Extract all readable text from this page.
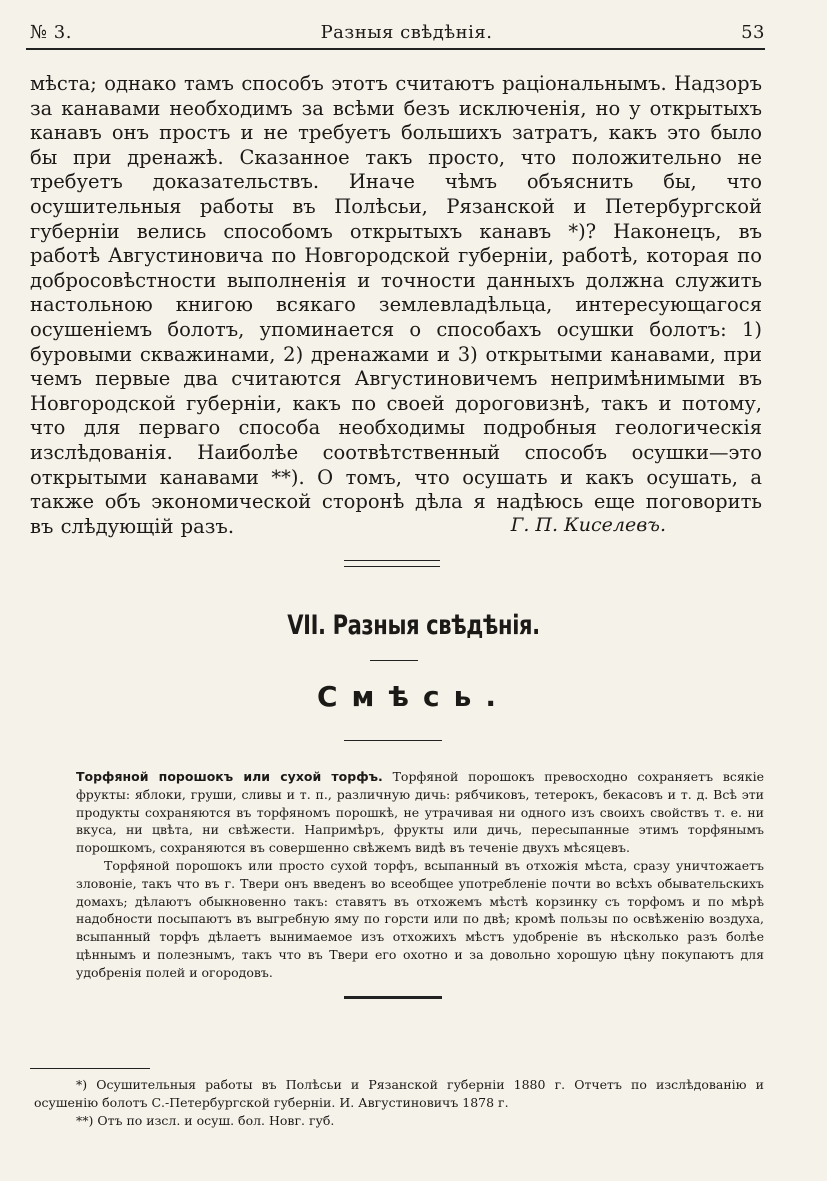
№ 3.	Разныя свѣдѣнія.	53

мѣста; однако тамъ способъ этотъ считаютъ раціональнымъ. Надзоръ за канавами необходимъ за всѣми безъ исключенія, но у открытыхъ канавъ онъ простъ и не требуетъ большихъ затратъ, какъ это было бы при дренажѣ. Сказанное такъ просто, что положительно не требуетъ доказательствъ. Иначе чѣмъ объяснить бы, что осушительныя работы въ Полѣсьи, Рязанской и Петербургской губерніи велись способомъ открытыхъ канавъ *)? Наконецъ, въ работѣ Августиновича по Новгородской губерніи, работѣ, которая по добросовѣстности выполненія и точности данныхъ должна служить настольною книгою всякаго землевладѣльца, интересующагося осушеніемъ болотъ, упоминается о способахъ осушки болотъ: 1) буровыми скважинами, 2) дренажами и 3) открытыми канавами, при чемъ первые два считаются Августиновичемъ непримѣнимыми въ Новгородской губерніи, какъ по своей дороговизнѣ, такъ и потому, что для перваго способа необходимы подробныя геологическія изслѣдованія. Наиболѣе соотвѣтственный способъ осушки—это открытыми канавами **). О томъ, что осушать и какъ осушать, а также объ экономической сторонѣ дѣла я надѣюсь еще поговорить въ слѣдующій разъ.	Г. П. Киселевъ.
VII. Разныя свѣдѣнія.
Смѣсь.

Торфяной порошокъ или сухой торфъ. Торфяной порошокъ превосходно сохраняетъ всякіе фрукты: яблоки, груши, сливы и т. п., различную дичь: рябчиковъ, тетерокъ, бекасовъ и т. д. Всѣ эти продукты сохраняются въ торфяномъ порошкѣ, не утрачивая ни одного изъ своихъ свойствъ т. е. ни вкуса, ни цвѣта, ни свѣжести. Напримѣръ, фрукты или дичь, пересыпанные этимъ торфянымъ порошкомъ, сохраняются въ совершенно свѣжемъ видѣ въ теченіе двухъ мѣсяцевъ.

Торфяной порошокъ или просто сухой торфъ, всыпанный въ отхожія мѣста, сразу уничтожаетъ зловоніе, такъ что въ г. Твери онъ введенъ во всеобщее употребленіе почти во всѣхъ обывательскихъ домахъ; дѣлаютъ обыкновенно такъ: ставятъ въ отхожемъ мѣстѣ корзинку съ торфомъ и по мѣрѣ надобности посыпаютъ въ выгребную яму по горсти или по двѣ; кромѣ пользы по освѣженію воздуха, всыпанный торфъ дѣлаетъ вынимаемое изъ отхожихъ мѣстъ удобреніе въ нѣсколько разъ болѣе цѣннымъ и полезнымъ, такъ что въ Твери его охотно и за довольно хорошую цѣну покупаютъ для удобренія полей и огородовъ.

*) Осушительныя работы въ Полѣсьи и Рязанской губерніи 1880 г. Отчетъ по изслѣдованію и осушенію болотъ С.-Петербургской губерніи. И. Августиновичъ 1878 г.

**) Отъ по изсл. и осуш. бол. Новг. губ.
